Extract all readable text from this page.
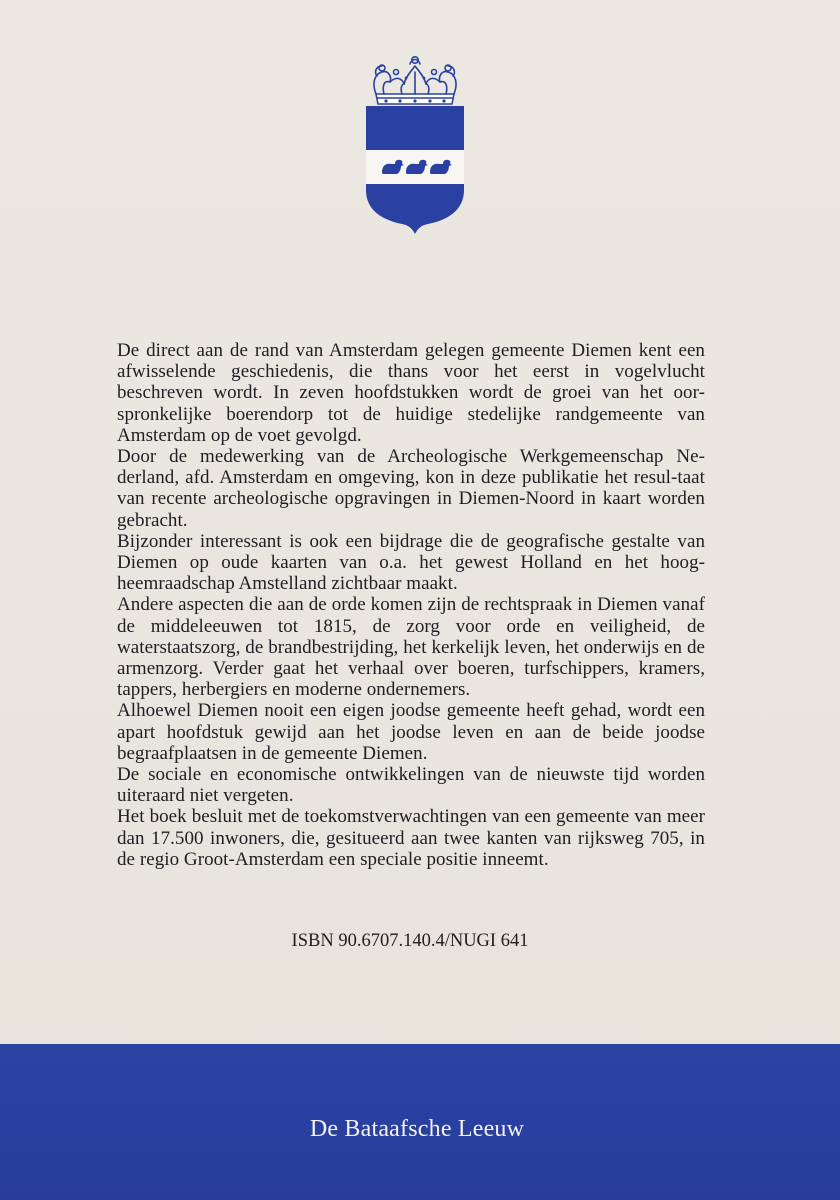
De direct aan de rand van Amsterdam gelegen gemeente Diemen kent een afwisselende geschiedenis, die thans voor het eerst in vogelvlucht beschreven wordt. In zeven hoofdstukken wordt de groei van het oor-spronkelijke boerendorp tot de huidige stedelijke randgemeente van Amsterdam op de voet gevolgd.

Door de medewerking van de Archeologische Werkgemeenschap Ne-derland, afd. Amsterdam en omgeving, kon in deze publikatie het resul-taat van recente archeologische opgravingen in Diemen-Noord in kaart worden gebracht.

Bijzonder interessant is ook een bijdrage die de geografische gestalte van Diemen op oude kaarten van o.a. het gewest Holland en het hoog-heemraadschap Amstelland zichtbaar maakt.

Andere aspecten die aan de orde komen zijn de rechtspraak in Diemen vanaf de middeleeuwen tot 1815, de zorg voor orde en veiligheid, de waterstaatszorg, de brandbestrijding, het kerkelijk leven, het onderwijs en de armenzorg. Verder gaat het verhaal over boeren, turfschippers, kramers, tappers, herbergiers en moderne ondernemers.

Alhoewel Diemen nooit een eigen joodse gemeente heeft gehad, wordt een apart hoofdstuk gewijd aan het joodse leven en aan de beide joodse begraafplaatsen in de gemeente Diemen.

De sociale en economische ontwikkelingen van de nieuwste tijd worden uiteraard niet vergeten.

Het boek besluit met de toekomstverwachtingen van een gemeente van meer dan 17.500 inwoners, die, gesitueerd aan twee kanten van rijksweg 705, in de regio Groot-Amsterdam een speciale positie inneemt.

ISBN 90.6707.140.4/NUGI 641
De Bataafsche Leeuw
